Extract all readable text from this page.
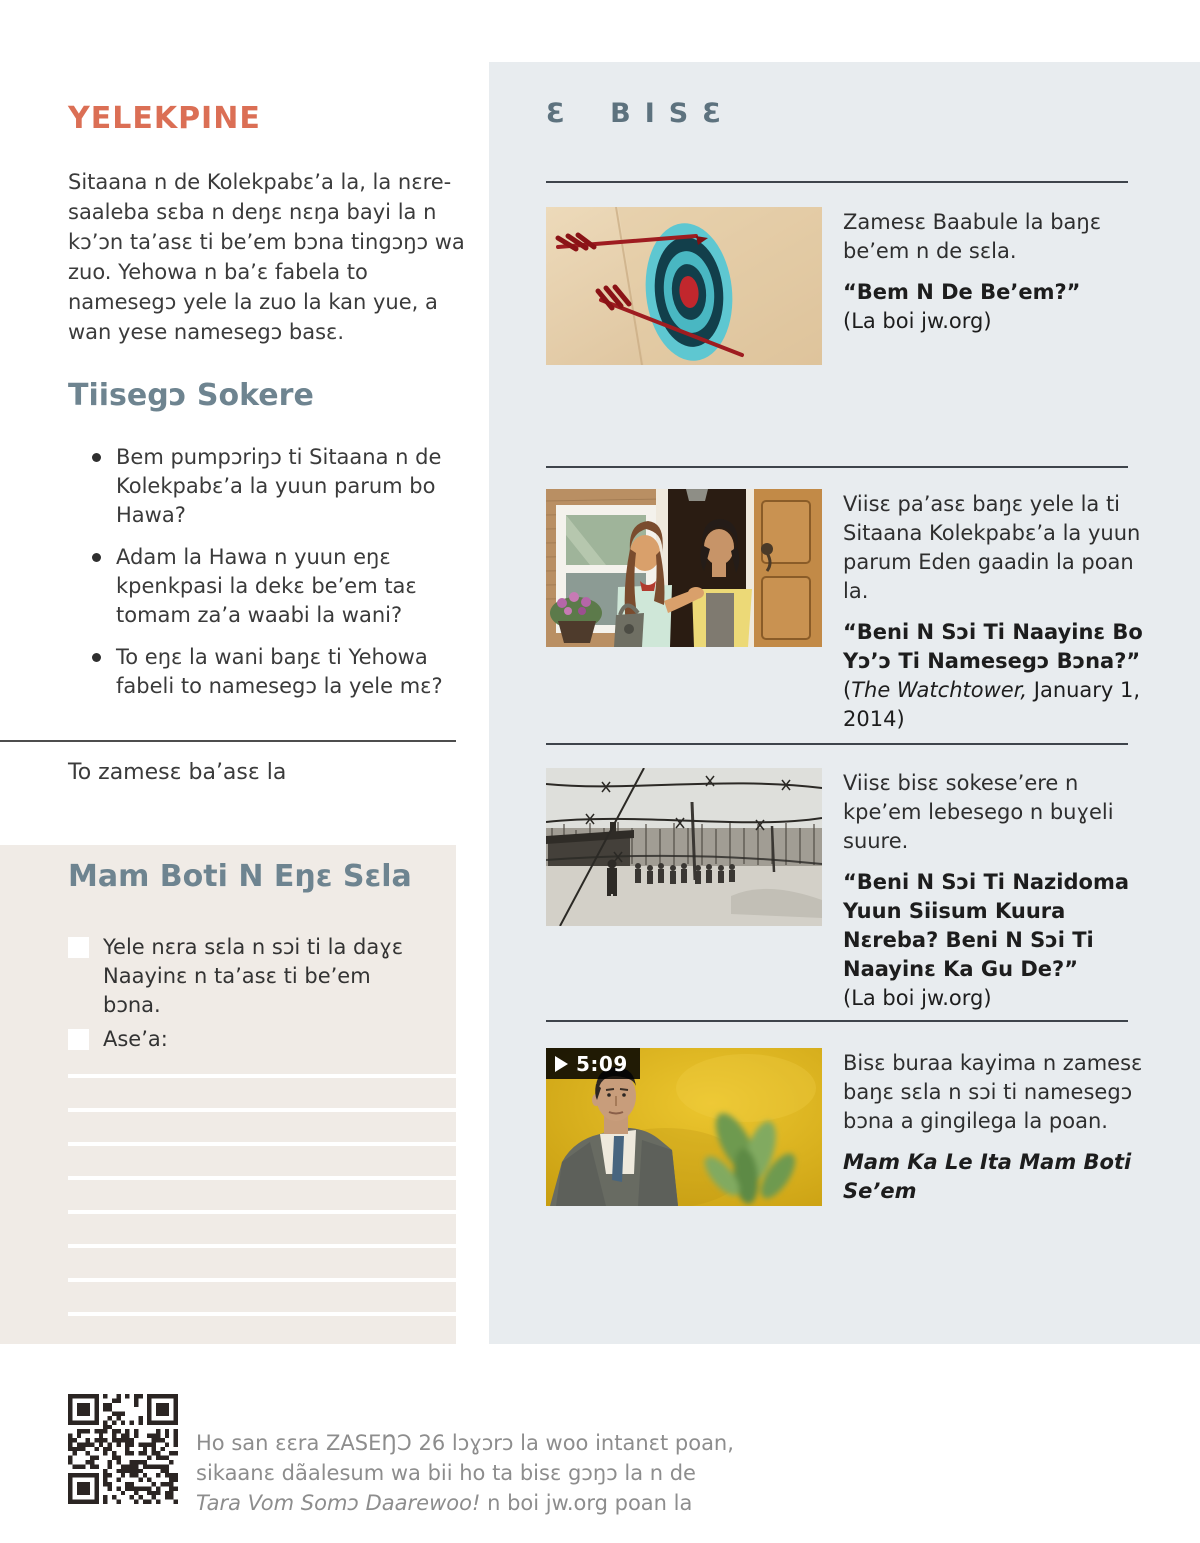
YELEKPINE

Sitaana n de Kolekpabɛ’a la, la nɛre-saaleba sɛba n deŋɛ nɛŋa bayi la n kɔ’ɔn ta’asɛ ti be’em bɔna tingɔŋɔ wa zuo. Yehowa n ba’ɛ fabela to namesegɔ yele la zuo la kan yue, a wan yese namesegɔ basɛ.

Tiisegɔ Sokere
Bem pumpɔriŋɔ ti Sitaana n de Kolekpabɛ’a la yuun parum bo Hawa?
Adam la Hawa n yuun eŋɛ kpenkpasi la dekɛ be’em taɛ tomam za’a waabi la wani?
To eŋɛ la wani baŋɛ ti Yehowa fabeli to namesegɔ la yele mɛ?

To zamesɛ ba’asɛ la

Mam Boti N Eŋɛ Sɛla
Yele nɛra sɛla n sɔi ti la daɣɛ Naayinɛ n ta’asɛ ti be’em bɔna.
Ase’a:
Ɛ BISƐ

Zamesɛ Baabule la baŋɛ be’em n de sɛla.

“Bem N De Be’em?”
(La boi jw.org)

Viisɛ pa’asɛ baŋɛ yele la ti Sitaana Kolekpabɛ’a la yuun parum Eden gaadin la poan la.

“Beni N Sɔi Ti Naayinɛ Bo Yɔ’ɔ Ti Namesegɔ Bɔna?” (The Watchtower, January 1, 2014)

Viisɛ bisɛ sokese’ere n kpe’em lebesego n buɣeli suure.

“Beni N Sɔi Ti Nazidoma Yuun Siisum Kuura Nɛreba? Beni N Sɔi Ti Naayinɛ Ka Gu De?”
(La boi jw.org)

5:09	Bisɛ buraa kayima n zamesɛ baŋɛ sɛla n sɔi ti namesegɔ bɔna a gingilega la poan.

Mam Ka Le Ita Mam Boti Se’em

Ho san ɛɛra ZASEŊƆ 26 lɔɣɔrɔ la woo intanɛt poan,
sikaanɛ dãalesum wa bii ho ta bisɛ gɔŋɔ la n de
Tara Vom Somɔ Daarewoo! n boi jw.org poan la
